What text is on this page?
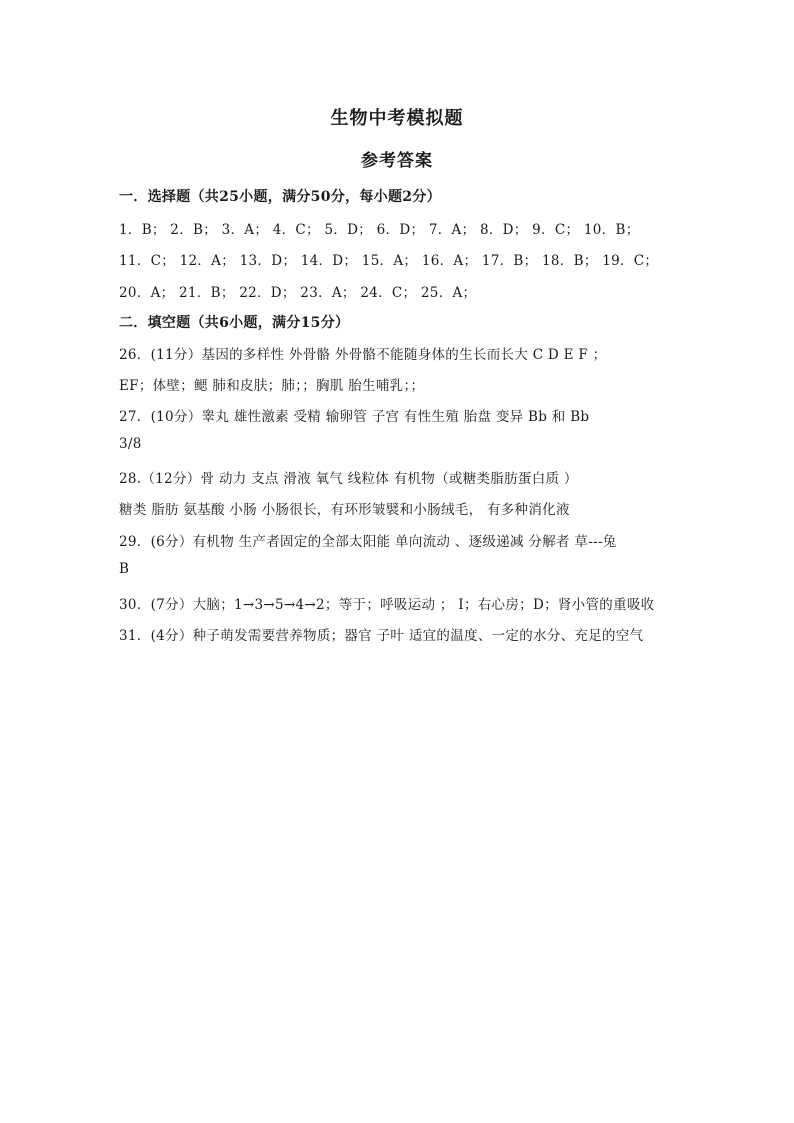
生物中考模拟题
参考答案
一．选择题（共25小题，满分50分，每小题2分）
1．B； 2．B； 3．A； 4．C； 5．D； 6．D； 7．A； 8．D； 9．C； 10．B；
11．C； 12．A； 13．D； 14．D； 15．A； 16．A； 17．B； 18．B； 19．C；
20．A； 21．B； 22．D； 23．A； 24．C； 25．A；
二．填空题（共6小题，满分15分）
26．(11分）基因的多样性 外骨骼 外骨骼不能随身体的生长而长大 C D E F ；
EF；体壁；鳃 肺和皮肤；肺；；胸肌 胎生哺乳；；
27．(10分）睾丸 雄性激素 受精 输卵管 子宫 有性生殖 胎盘 变异 Bb 和 Bb
3/8
28.（12分）骨 动力 支点 滑液 氧气 线粒体 有机物（或糖类脂肪蛋白质 ）
糖类 脂肪 氨基酸 小肠 小肠很长，有环形皱襞和小肠绒毛， 有多种消化液
29．(6分）有机物 生产者固定的全部太阳能 单向流动 、逐级递减 分解者 草---兔
B
30．(7分）大脑；1→3→5→4→2；等于；呼吸运动 ； Ⅰ；右心房；D；肾小管的重吸收
31．(4分）种子萌发需要营养物质；器官 子叶 适宜的温度、一定的水分、充足的空气
